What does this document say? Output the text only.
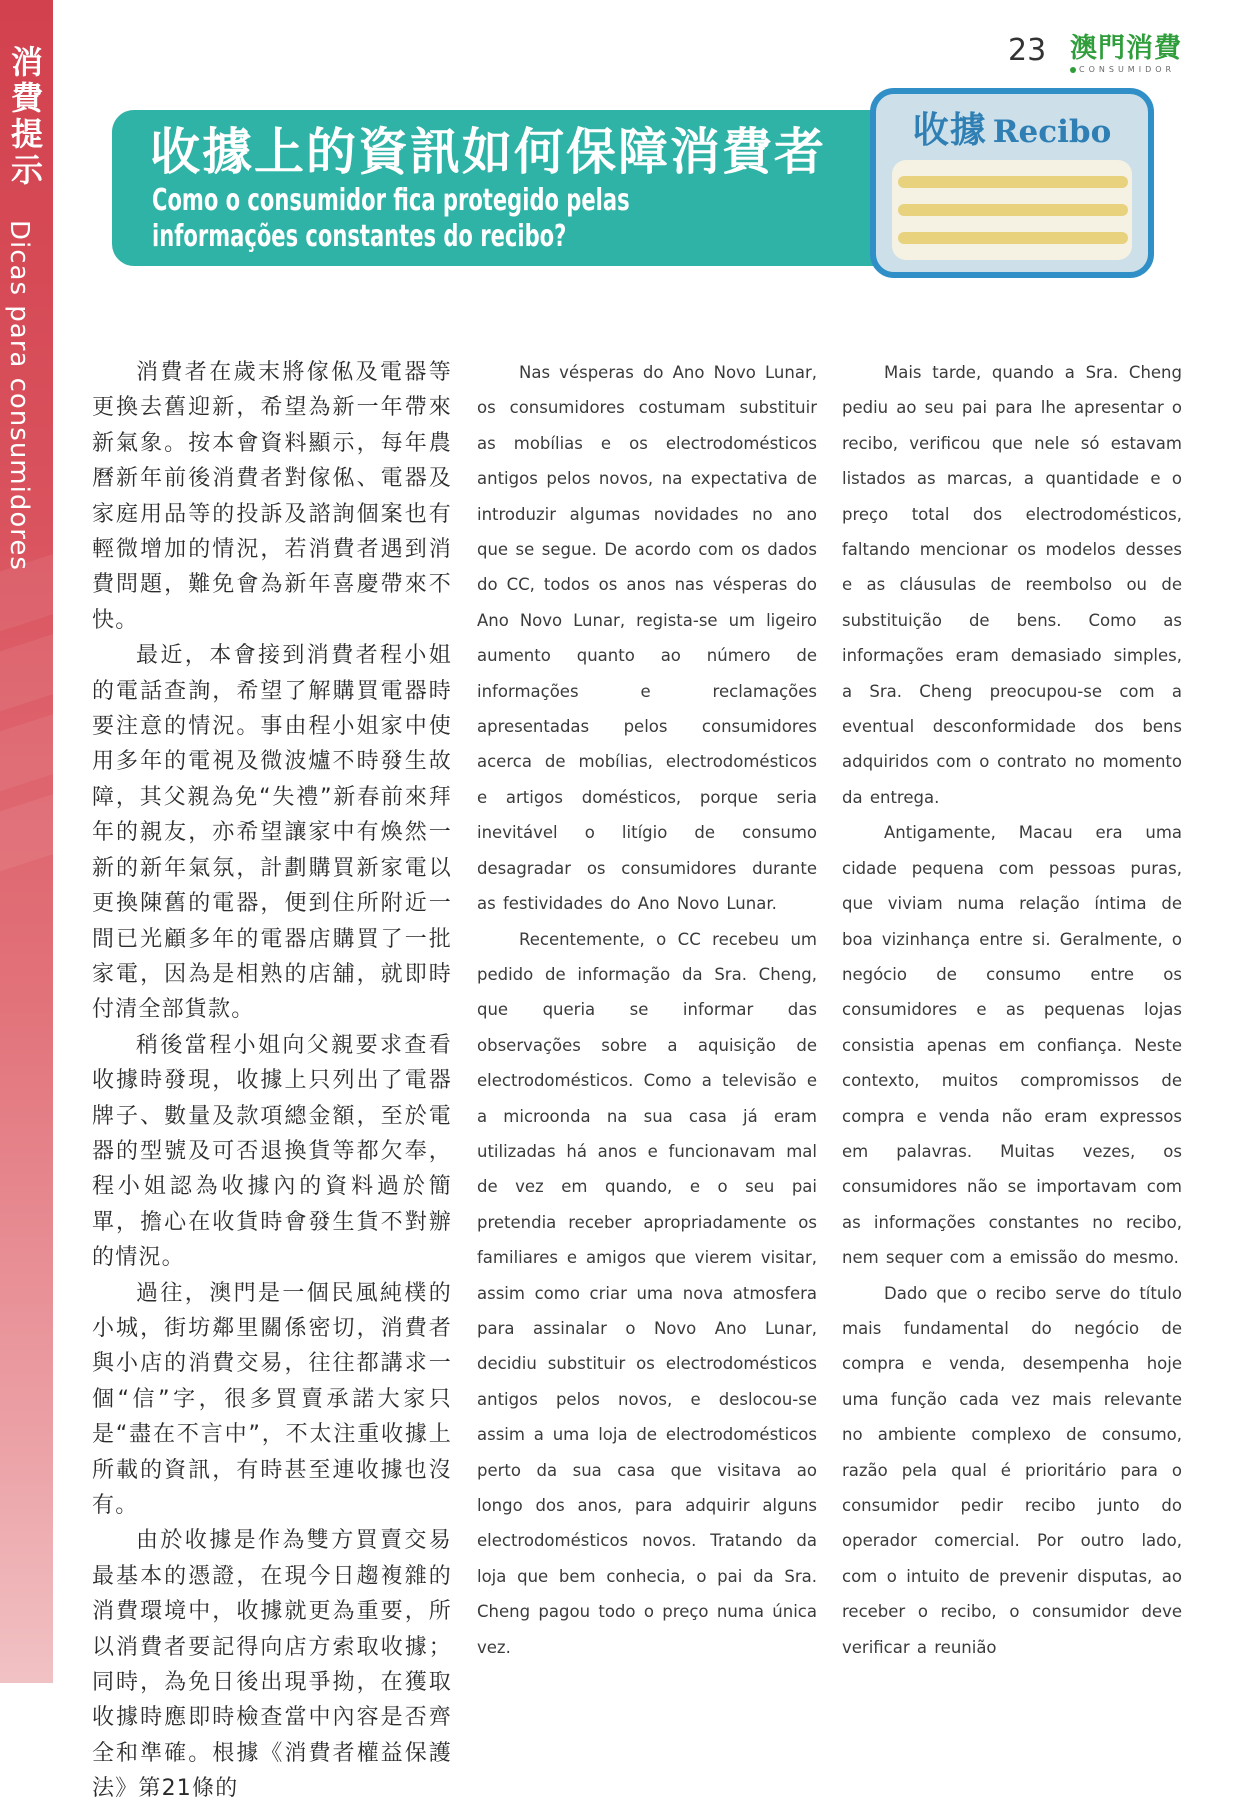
消費提示
Dicas para consumidores
23 澳門消費
CONSUMIDOR
收據上的資訊如何保障消費者
Como o consumidor fica protegido pelas informações constantes do recibo?
收據 Recibo

消費者在歲末將傢俬及電器等更換去舊迎新，希望為新一年帶來新氣象。按本會資料顯示，每年農曆新年前後消費者對傢俬、電器及家庭用品等的投訴及諮詢個案也有輕微增加的情況，若消費者遇到消費問題，難免會為新年喜慶帶來不快。

最近，本會接到消費者程小姐的電話查詢，希望了解購買電器時要注意的情況。事由程小姐家中使用多年的電視及微波爐不時發生故障，其父親為免“失禮”新春前來拜年的親友，亦希望讓家中有煥然一新的新年氣氛，計劃購買新家電以更換陳舊的電器，便到住所附近一間已光顧多年的電器店購買了一批家電，因為是相熟的店舖，就即時付清全部貨款。

稍後當程小姐向父親要求查看收據時發現，收據上只列出了電器牌子、數量及款項總金額，至於電器的型號及可否退換貨等都欠奉，程小姐認為收據內的資料過於簡單，擔心在收貨時會發生貨不對辦的情況。

過往，澳門是一個民風純樸的小城，街坊鄰里關係密切，消費者與小店的消費交易，往往都講求一個“信”字，很多買賣承諾大家只是“盡在不言中”，不太注重收據上所載的資訊，有時甚至連收據也沒有。

由於收據是作為雙方買賣交易最基本的憑證，在現今日趨複雜的消費環境中，收據就更為重要，所以消費者要記得向店方索取收據；同時，為免日後出現爭拗，在獲取收據時應即時檢查當中內容是否齊全和準確。根據《消費者權益保護法》第21條的

Nas vésperas do Ano Novo Lunar, os consumidores costumam substituir as mobílias e os electrodomésticos antigos pelos novos, na expectativa de introduzir algumas novidades no ano que se segue. De acordo com os dados do CC, todos os anos nas vésperas do Ano Novo Lunar, regista-se um ligeiro aumento quanto ao número de informações e reclamações apresentadas pelos consumidores acerca de mobílias, electrodomésticos e artigos domésticos, porque seria inevitável o litígio de consumo desagradar os consumidores durante as festividades do Ano Novo Lunar.

Recentemente, o CC recebeu um pedido de informação da Sra. Cheng, que queria se informar das observações sobre a aquisição de electrodomésticos. Como a televisão e a microonda na sua casa já eram utilizadas há anos e funcionavam mal de vez em quando, e o seu pai pretendia receber apropriadamente os familiares e amigos que vierem visitar, assim como criar uma nova atmosfera para assinalar o Novo Ano Lunar, decidiu substituir os electrodomésticos antigos pelos novos, e deslocou-se assim a uma loja de electrodomésticos perto da sua casa que visitava ao longo dos anos, para adquirir alguns electrodomésticos novos. Tratando da loja que bem conhecia, o pai da Sra. Cheng pagou todo o preço numa única vez.

Mais tarde, quando a Sra. Cheng pediu ao seu pai para lhe apresentar o recibo, verificou que nele só estavam listados as marcas, a quantidade e o preço total dos electrodomésticos, faltando mencionar os modelos desses e as cláusulas de reembolso ou de substituição de bens. Como as informações eram demasiado simples, a Sra. Cheng preocupou-se com a eventual desconformidade dos bens adquiridos com o contrato no momento da entrega.

Antigamente, Macau era uma cidade pequena com pessoas puras, que viviam numa relação íntima de boa vizinhança entre si. Geralmente, o negócio de consumo entre os consumidores e as pequenas lojas consistia apenas em confiança. Neste contexto, muitos compromissos de compra e venda não eram expressos em palavras. Muitas vezes, os consumidores não se importavam com as informações constantes no recibo, nem sequer com a emissão do mesmo.

Dado que o recibo serve do título mais fundamental do negócio de compra e venda, desempenha hoje uma função cada vez mais relevante no ambiente complexo de consumo, razão pela qual é prioritário para o consumidor pedir recibo junto do operador comercial. Por outro lado, com o intuito de prevenir disputas, ao receber o recibo, o consumidor deve verificar a reunião
